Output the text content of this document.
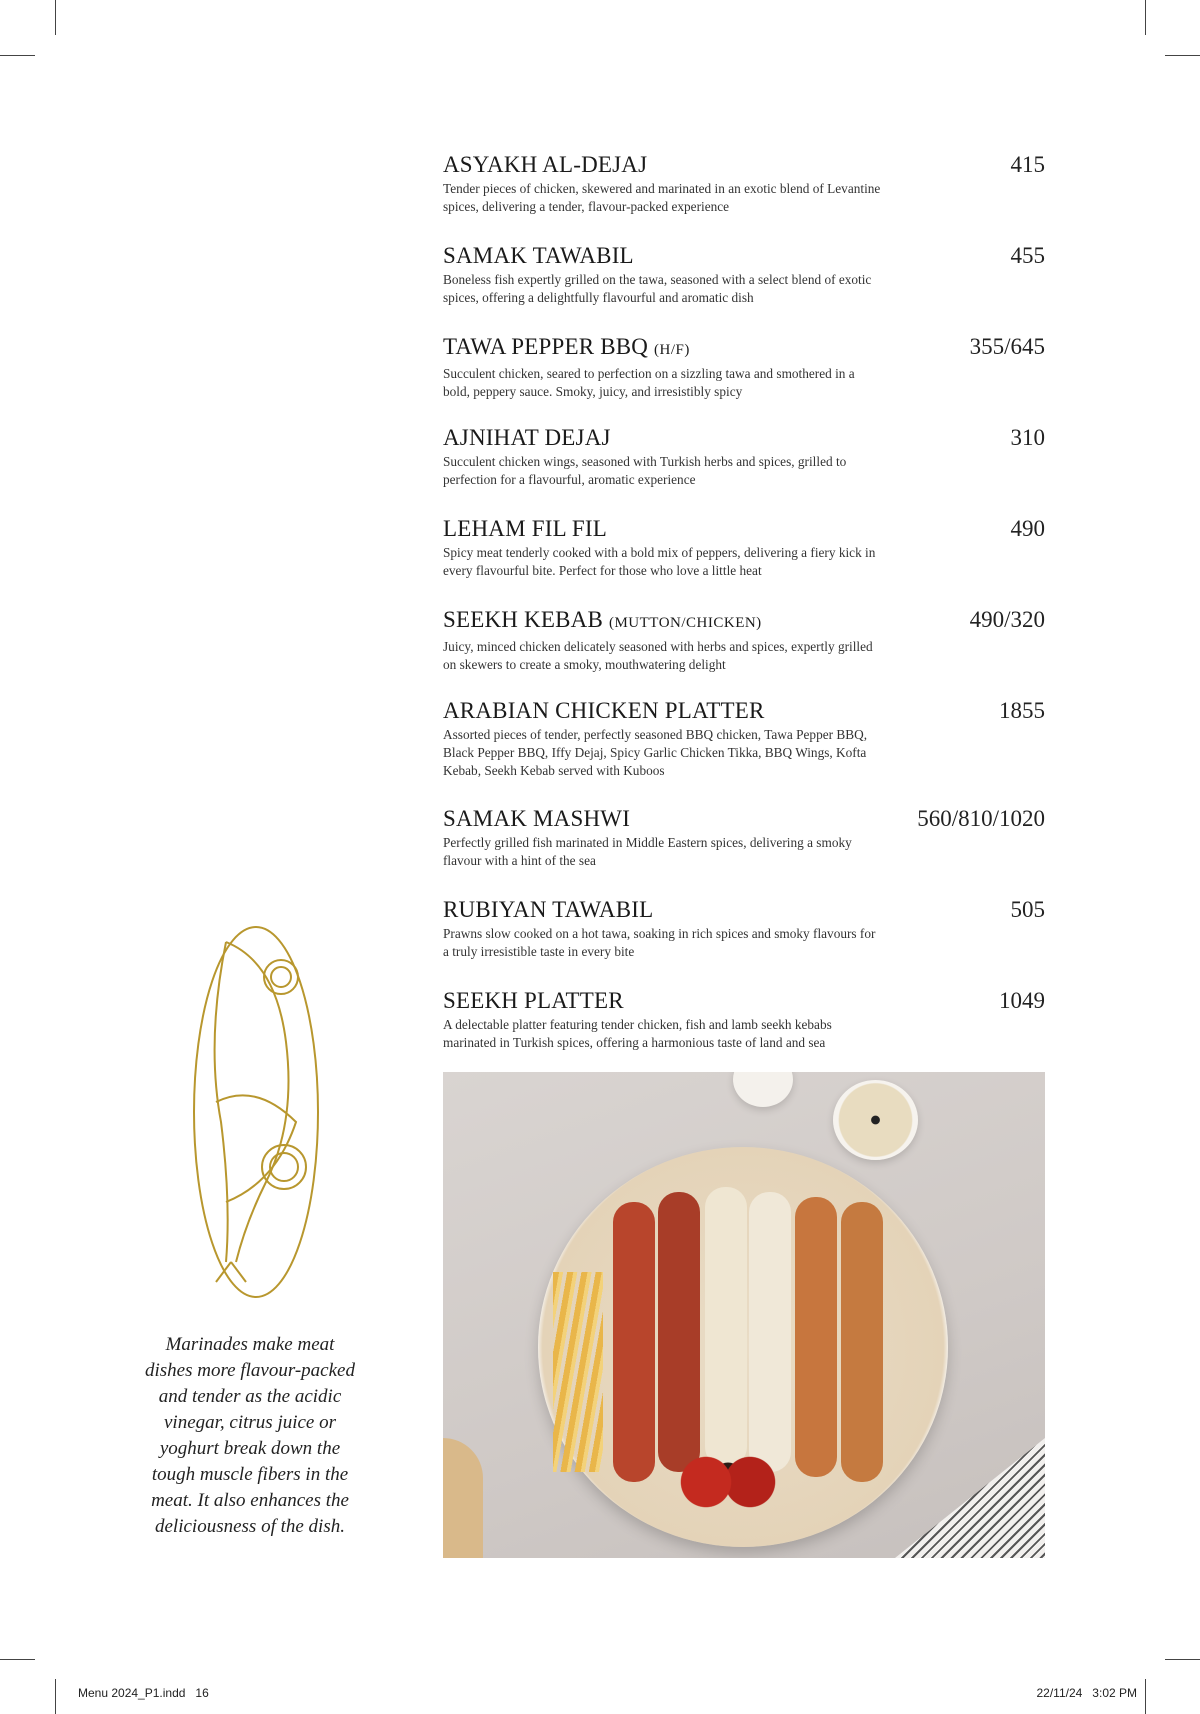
ASYAKH AL-DEJAJ	415
Tender pieces of chicken, skewered and marinated in an exotic blend of Levantine spices, delivering a tender, flavour-packed experience
SAMAK TAWABIL	455
Boneless fish expertly grilled on the tawa, seasoned with a select blend of exotic spices, offering a delightfully flavourful and aromatic dish
TAWA PEPPER BBQ (H/F)	355/645
Succulent chicken, seared to perfection on a sizzling tawa and smothered in a bold, peppery sauce. Smoky, juicy, and irresistibly spicy
AJNIHAT DEJAJ	310
Succulent chicken wings, seasoned with Turkish herbs and spices, grilled to perfection for a flavourful, aromatic experience
LEHAM FIL FIL	490
Spicy meat tenderly cooked with a bold mix of peppers, delivering a fiery kick in every flavourful bite. Perfect for those who love a little heat
SEEKH KEBAB (MUTTON/CHICKEN)	490/320
Juicy, minced chicken delicately seasoned with herbs and spices, expertly grilled on skewers to create a smoky, mouthwatering delight
ARABIAN CHICKEN PLATTER	1855
Assorted pieces of tender, perfectly seasoned BBQ chicken, Tawa Pepper BBQ, Black Pepper BBQ, Iffy Dejaj, Spicy Garlic Chicken Tikka, BBQ Wings, Kofta Kebab, Seekh Kebab served with Kuboos
SAMAK MASHWI	560/810/1020
Perfectly grilled fish marinated in Middle Eastern spices, delivering a smoky flavour with a hint of the sea
RUBIYAN TAWABIL	505
Prawns slow cooked on a hot tawa, soaking in rich spices and smoky flavours for a truly irresistible taste in every bite
SEEKH PLATTER	1049
A delectable platter featuring tender chicken, fish and lamb seekh kebabs marinated in Turkish spices, offering a harmonious taste of land and sea
Marinades make meat dishes more flavour-packed and tender as the acidic vinegar, citrus juice or yoghurt break down the tough muscle fibers in the meat. It also enhances the deliciousness of the dish.
Menu 2024_P1.indd   16	22/11/24   3:02 PM
